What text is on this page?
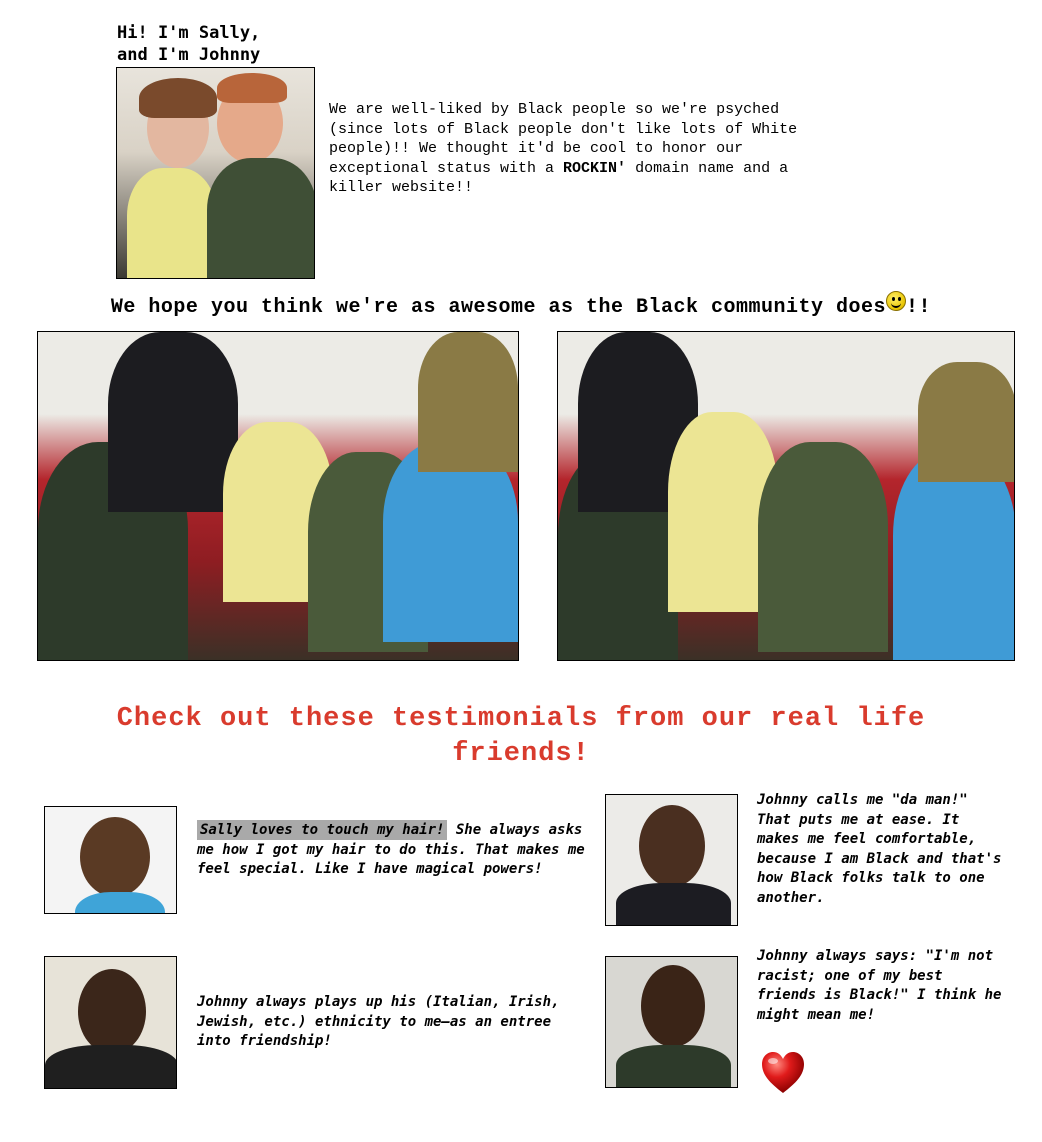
Hi! I'm Sally,
and I'm Johnny
We are well-liked by Black people so we're psyched (since lots of Black people don't like lots of White people)!! We thought it'd be cool to honor our exceptional status with a ROCKIN' domain name and a killer website!!
We hope you think we're as awesome as the Black community does !!
Check out these testimonials from our real life friends!
Sally loves to touch my hair! She always asks me how I got my hair to do this. That makes me feel special. Like I have magical powers!
Johnny calls me "da man!" That puts me at ease. It makes me feel comfortable, because I am Black and that's how Black folks talk to one another.
Johnny always plays up his (Italian, Irish, Jewish, etc.) ethnicity to me—as an entree into friendship!
Johnny always says: "I'm not racist; one of my best friends is Black!" I think he might mean me!
